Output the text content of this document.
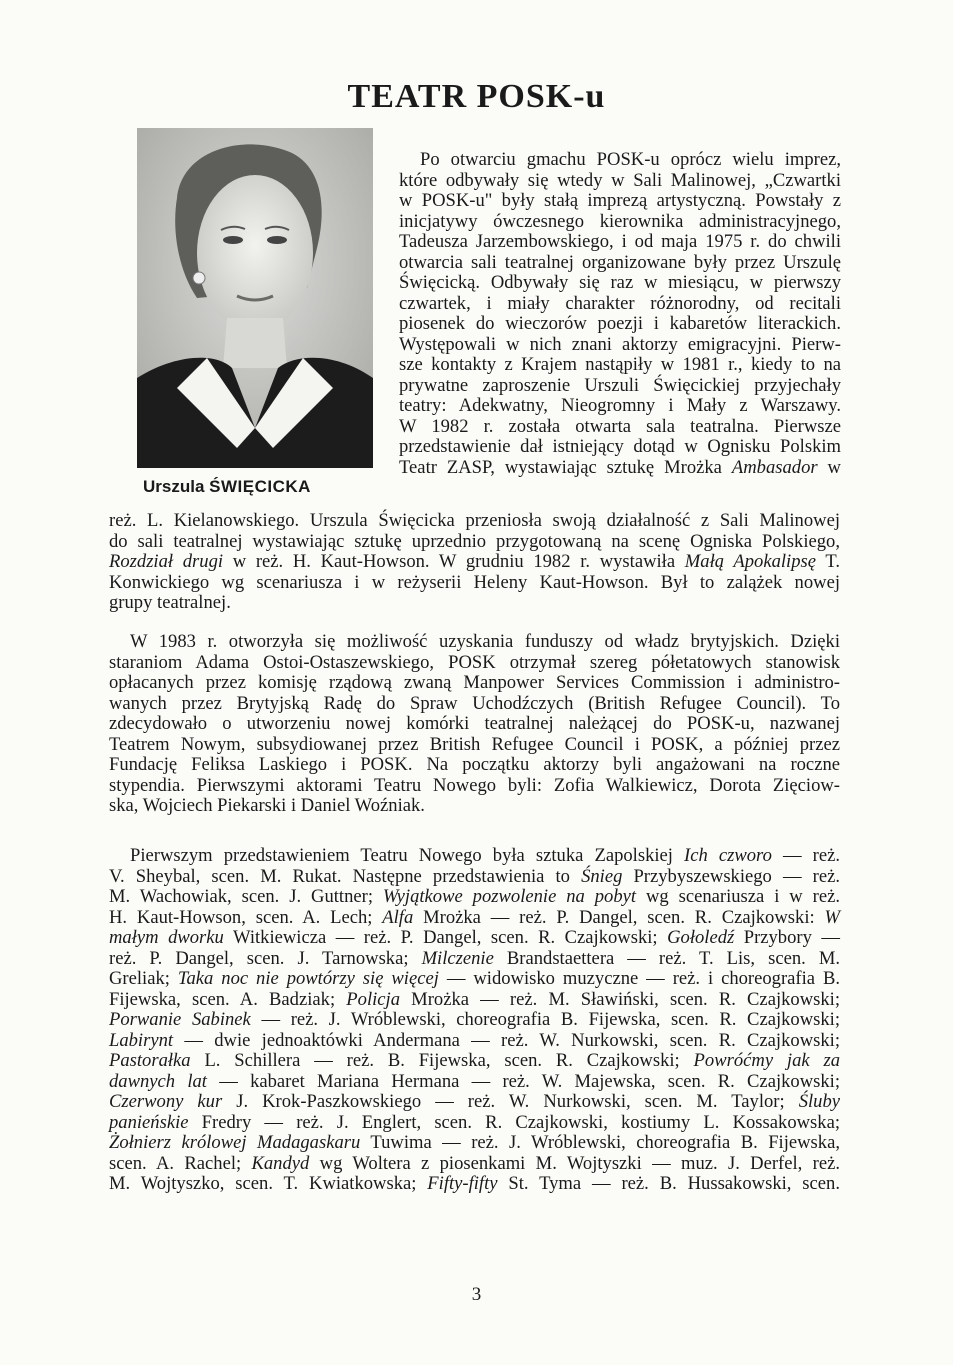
TEATR POSK-u
Urszula ŚWIĘCICKA
Po otwarciu gmachu POSK-u oprócz wielu imprez,
które odbywały się wtedy w Sali Malinowej, „Czwartki
w POSK-u" były stałą imprezą artystyczną. Powstały z
inicjatywy ówczesnego kierownika administracyjnego,
Tadeusza Jarzembowskiego, i od maja 1975 r. do chwili
otwarcia sali teatralnej organizowane były przez Urszulę
Święcicką. Odbywały się raz w miesiącu, w pierwszy
czwartek, i miały charakter różnorodny, od recitali
piosenek do wieczorów poezji i kabaretów literackich.
Występowali w nich znani aktorzy emigracyjni. Pierw-
sze kontakty z Krajem nastąpiły w 1981 r., kiedy to na
prywatne zaproszenie Urszuli Święcickiej przyjechały
teatry: Adekwatny, Nieogromny i Mały z Warszawy.
W 1982 r. została otwarta sala teatralna. Pierwsze
przedstawienie dał istniejący dotąd w Ognisku Polskim
Teatr ZASP, wystawiając sztukę Mrożka Ambasador w
reż. L. Kielanowskiego. Urszula Święcicka przeniosła swoją działalność z Sali Malinowej
do sali teatralnej wystawiając sztukę uprzednio przygotowaną na scenę Ogniska Polskiego,
Rozdział drugi w reż. H. Kaut-Howson. W grudniu 1982 r. wystawiła Małą Apokalipsę T.
Konwickiego wg scenariusza i w reżyserii Heleny Kaut-Howson. Był to zalążek nowej
grupy teatralnej.
W 1983 r. otworzyła się możliwość uzyskania funduszy od władz brytyjskich. Dzięki
staraniom Adama Ostoi-Ostaszewskiego, POSK otrzymał szereg półetatowych stanowisk
opłacanych przez komisję rządową zwaną Manpower Services Commission i administro-
wanych przez Brytyjską Radę do Spraw Uchodźczych (British Refugee Council). To
zdecydowało o utworzeniu nowej komórki teatralnej należącej do POSK-u, nazwanej
Teatrem Nowym, subsydiowanej przez British Refugee Council i POSK, a później przez
Fundację Feliksa Laskiego i POSK. Na początku aktorzy byli angażowani na roczne
stypendia. Pierwszymi aktorami Teatru Nowego byli: Zofia Walkiewicz, Dorota Zięciow-
ska, Wojciech Piekarski i Daniel Woźniak.
Pierwszym przedstawieniem Teatru Nowego była sztuka Zapolskiej Ich czworo — reż.
V. Sheybal, scen. M. Rukat. Następne przedstawienia to Śnieg Przybyszewskiego — reż.
M. Wachowiak, scen. J. Guttner; Wyjątkowe pozwolenie na pobyt wg scenariusza i w reż.
H. Kaut-Howson, scen. A. Lech; Alfa Mrożka — reż. P. Dangel, scen. R. Czajkowski: W
małym dworku Witkiewicza — reż. P. Dangel, scen. R. Czajkowski; Gołoledź Przybory —
reż. P. Dangel, scen. J. Tarnowska; Milczenie Brandstaettera — reż. T. Lis, scen. M.
Greliak; Taka noc nie powtórzy się więcej — widowisko muzyczne — reż. i choreografia B.
Fijewska, scen. A. Badziak; Policja Mrożka — reż. M. Sławiński, scen. R. Czajkowski;
Porwanie Sabinek — reż. J. Wróblewski, choreografia B. Fijewska, scen. R. Czajkowski;
Labirynt — dwie jednoaktówki Andermana — reż. W. Nurkowski, scen. R. Czajkowski;
Pastorałka L. Schillera — reż. B. Fijewska, scen. R. Czajkowski; Powróćmy jak za
dawnych lat — kabaret Mariana Hermana — reż. W. Majewska, scen. R. Czajkowski;
Czerwony kur J. Krok-Paszkowskiego — reż. W. Nurkowski, scen. M. Taylor; Śluby
panieńskie Fredry — reż. J. Englert, scen. R. Czajkowski, kostiumy L. Kossakowska;
Żołnierz królowej Madagaskaru Tuwima — reż. J. Wróblewski, choreografia B. Fijewska,
scen. A. Rachel; Kandyd wg Woltera z piosenkami M. Wojtyszki — muz. J. Derfel, reż.
M. Wojtyszko, scen. T. Kwiatkowska; Fifty-fifty St. Tyma — reż. B. Hussakowski, scen.
3
